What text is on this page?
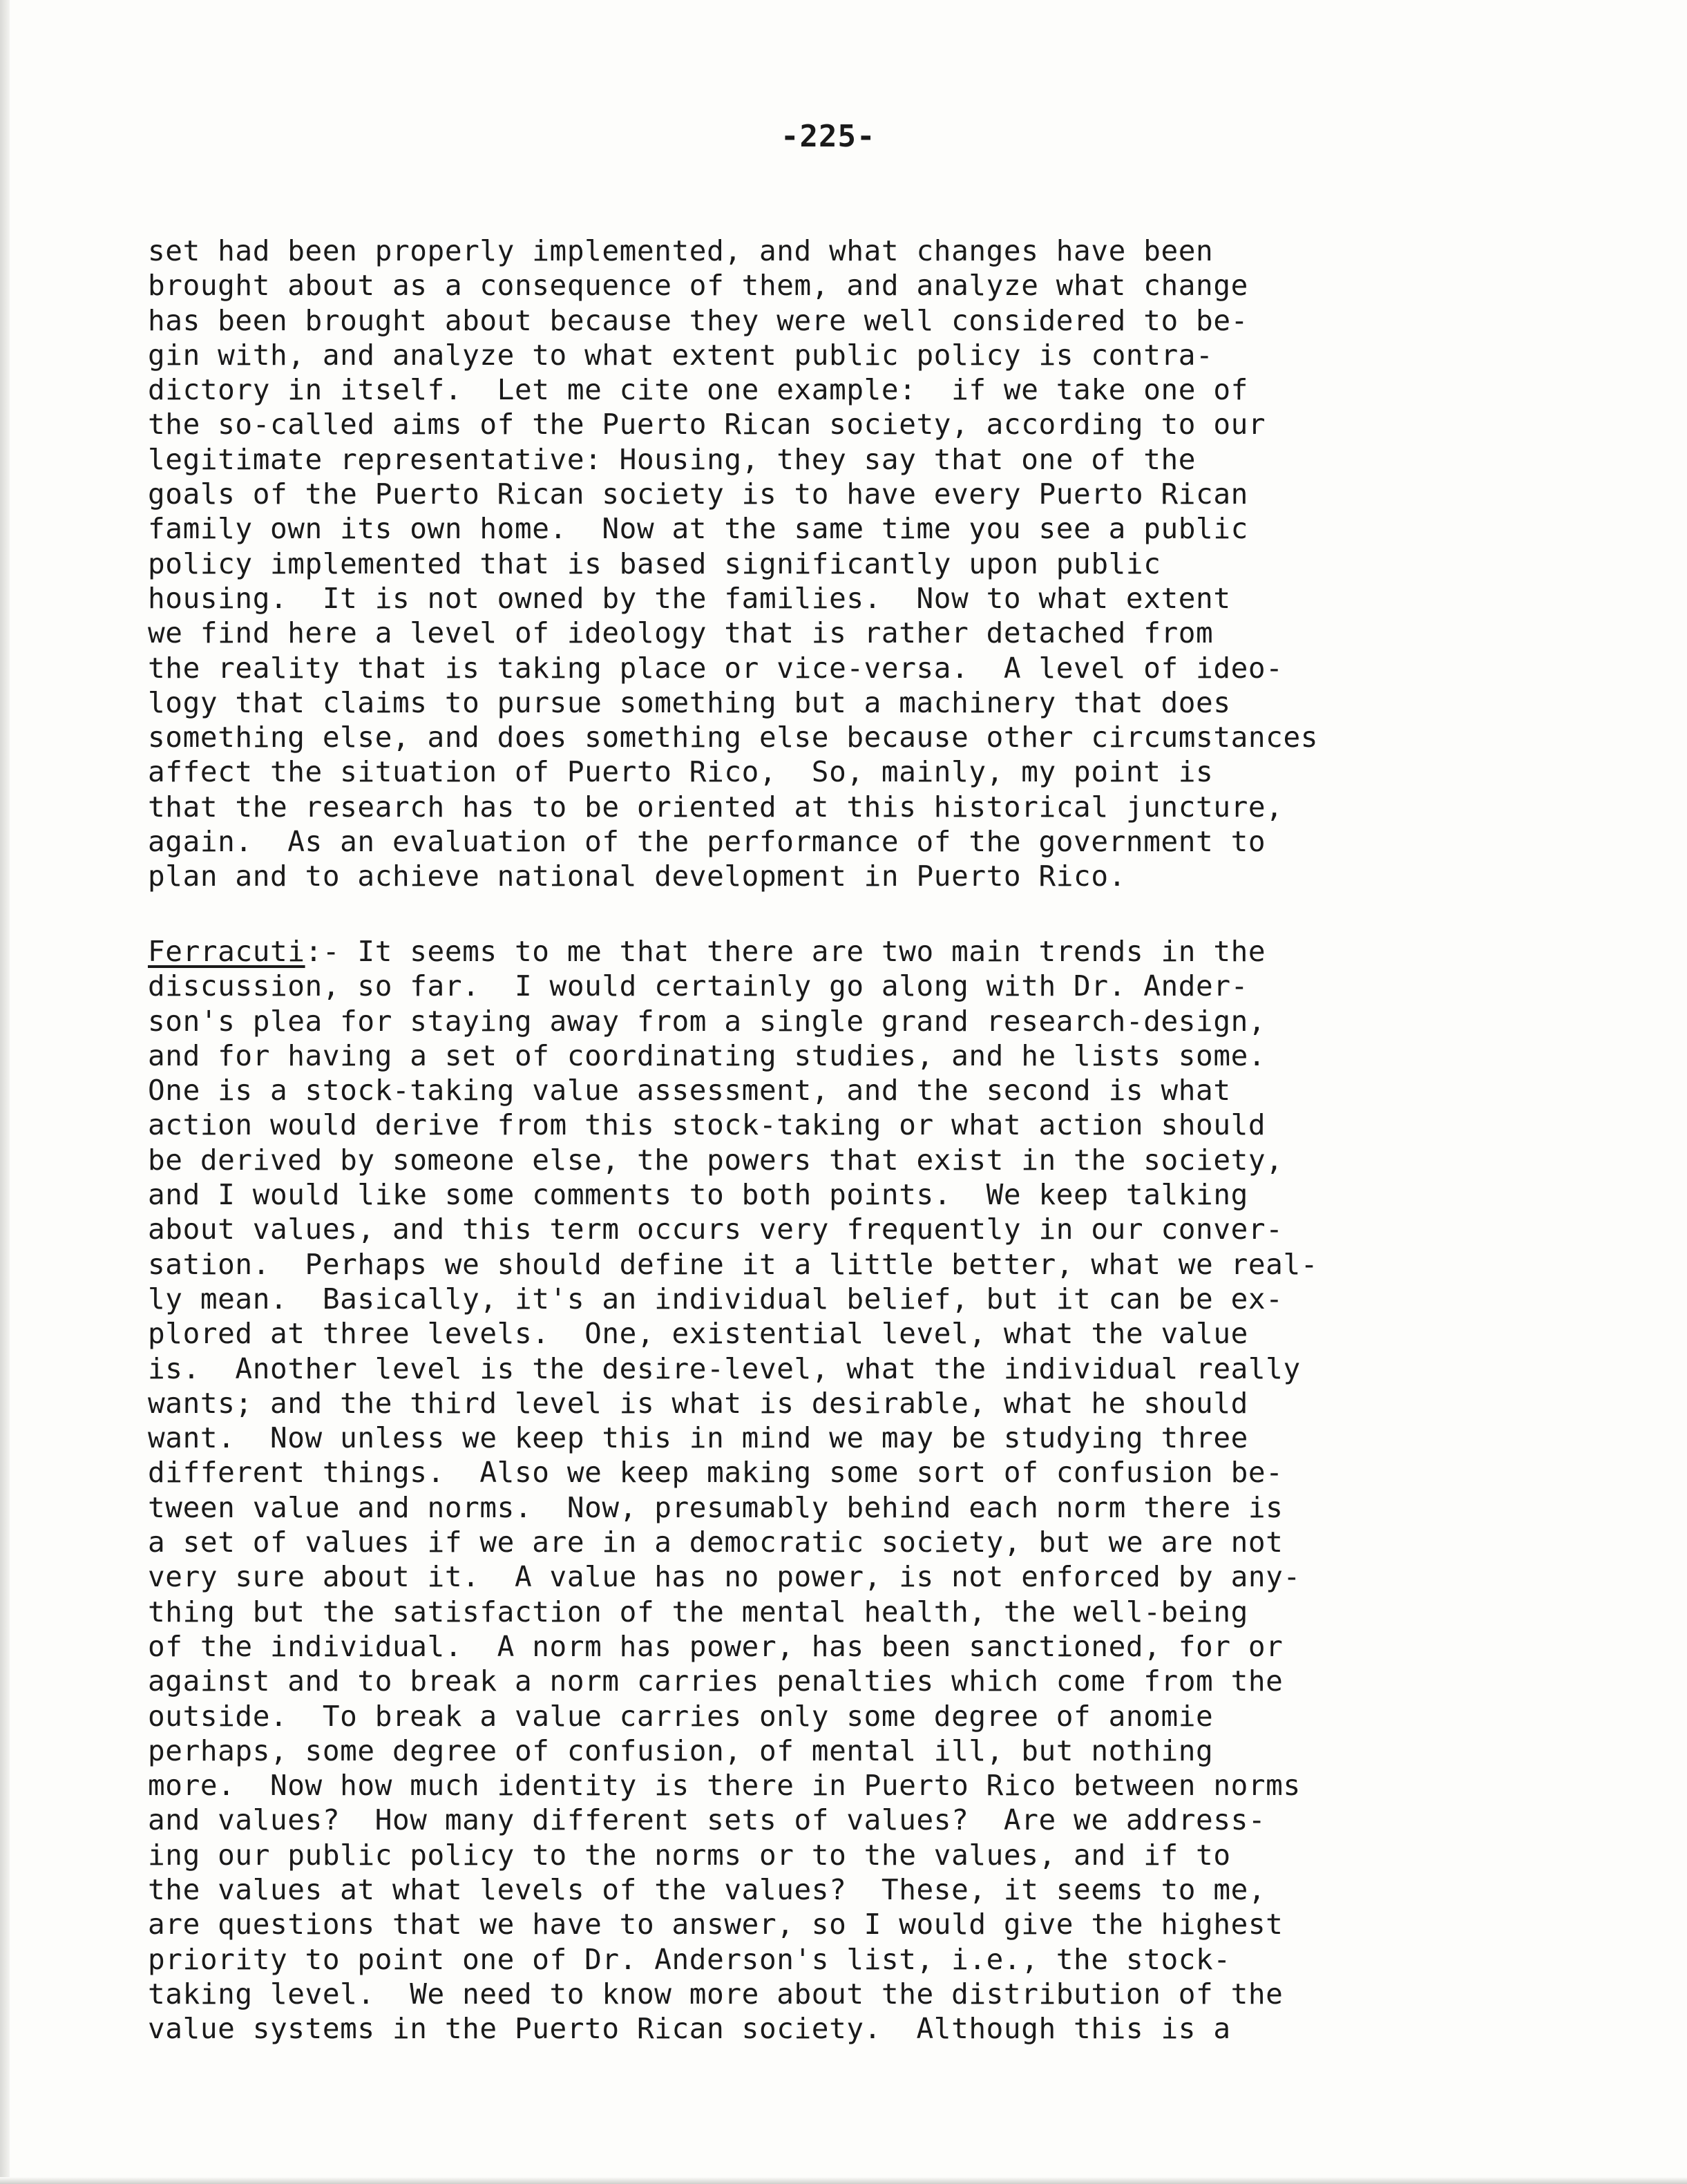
-225-
set had been properly implemented, and what changes have been
brought about as a consequence of them, and analyze what change
has been brought about because they were well considered to be-
gin with, and analyze to what extent public policy is contra-
dictory in itself.  Let me cite one example:  if we take one of
the so-called aims of the Puerto Rican society, according to our
legitimate representative: Housing, they say that one of the
goals of the Puerto Rican society is to have every Puerto Rican
family own its own home.  Now at the same time you see a public
policy implemented that is based significantly upon public
housing.  It is not owned by the families.  Now to what extent
we find here a level of ideology that is rather detached from
the reality that is taking place or vice-versa.  A level of ideo-
logy that claims to pursue something but a machinery that does
something else, and does something else because other circumstances
affect the situation of Puerto Rico,  So, mainly, my point is
that the research has to be oriented at this historical juncture,
again.  As an evaluation of the performance of the government to
plan and to achieve national development in Puerto Rico.
Ferracuti:- It seems to me that there are two main trends in the
discussion, so far.  I would certainly go along with Dr. Ander-
son's plea for staying away from a single grand research-design,
and for having a set of coordinating studies, and he lists some.
One is a stock-taking value assessment, and the second is what
action would derive from this stock-taking or what action should
be derived by someone else, the powers that exist in the society,
and I would like some comments to both points.  We keep talking
about values, and this term occurs very frequently in our conver-
sation.  Perhaps we should define it a little better, what we real-
ly mean.  Basically, it's an individual belief, but it can be ex-
plored at three levels.  One, existential level, what the value
is.  Another level is the desire-level, what the individual really
wants; and the third level is what is desirable, what he should
want.  Now unless we keep this in mind we may be studying three
different things.  Also we keep making some sort of confusion be-
tween value and norms.  Now, presumably behind each norm there is
a set of values if we are in a democratic society, but we are not
very sure about it.  A value has no power, is not enforced by any-
thing but the satisfaction of the mental health, the well-being
of the individual.  A norm has power, has been sanctioned, for or
against and to break a norm carries penalties which come from the
outside.  To break a value carries only some degree of anomie
perhaps, some degree of confusion, of mental ill, but nothing
more.  Now how much identity is there in Puerto Rico between norms
and values?  How many different sets of values?  Are we address-
ing our public policy to the norms or to the values, and if to
the values at what levels of the values?  These, it seems to me,
are questions that we have to answer, so I would give the highest
priority to point one of Dr. Anderson's list, i.e., the stock-
taking level.  We need to know more about the distribution of the
value systems in the Puerto Rican society.  Although this is a
